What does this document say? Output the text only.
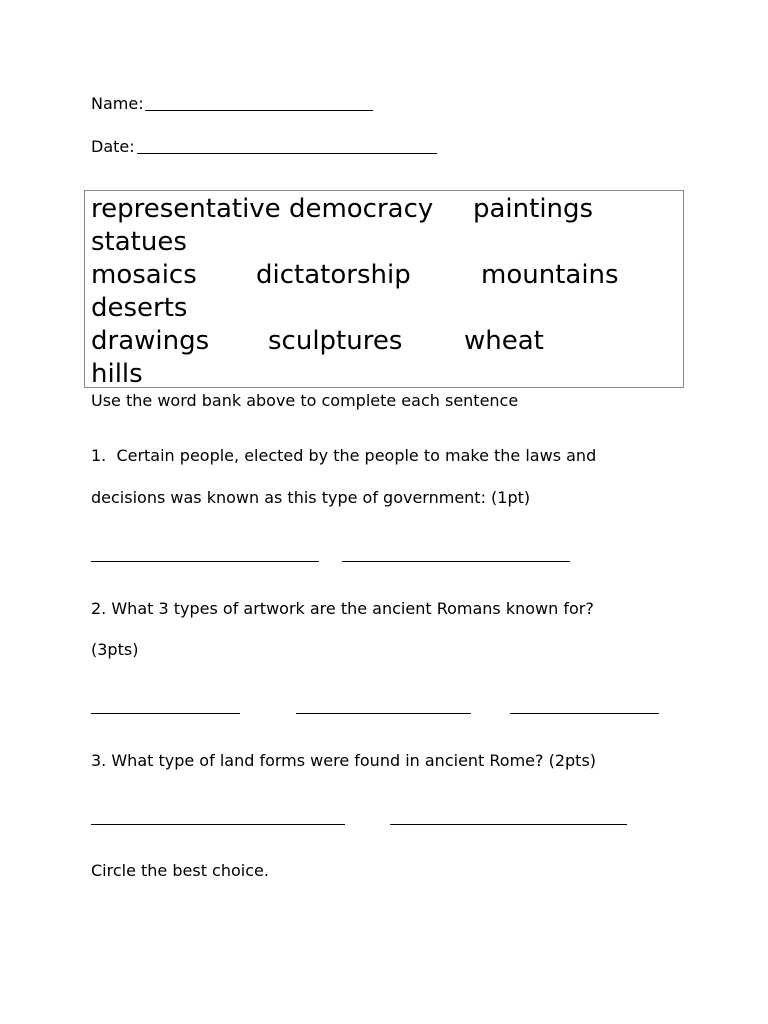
Name:
Date:

representative democracy

paintings

statues

mosaics

dictatorship

	mountains

deserts

drawings

sculptures

wheat

hills

Use the word bank above to complete each sentence
1.  Certain people, elected by the people to make the laws and
decisions was known as this type of government: (1pt)
2. What 3 types of artwork are the ancient Romans known for?
(3pts)
3. What type of land forms were found in ancient Rome? (2pts)
Circle the best choice.
